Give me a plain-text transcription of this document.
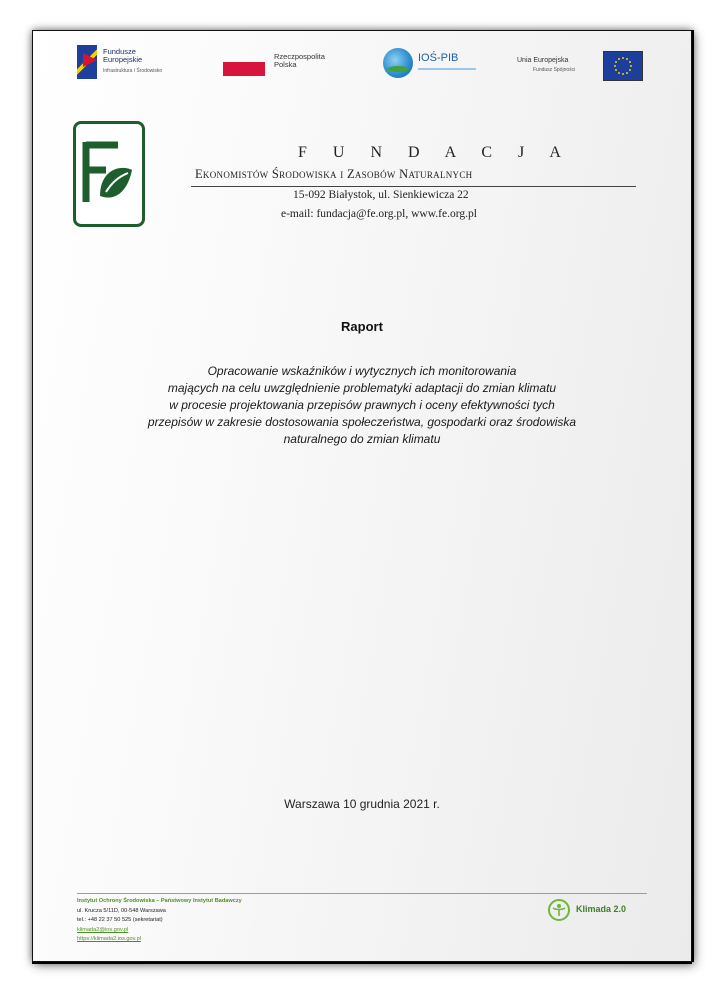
Fundusze
Europejskie
Infrastruktura i Środowisko
Rzeczpospolita
Polska
IOŚ-PIB	Unia Europejska
Fundusz Spójności
F U N D A C J A
Ekonomistów Środowiska i Zasobów Naturalnych
15-092 Białystok, ul. Sienkiewicza 22
e-mail: fundacja@fe.org.pl, www.fe.org.pl
Raport
Opracowanie wskaźników i wytycznych ich monitorowania
mających na celu uwzględnienie problematyki adaptacji do zmian klimatu
w procesie projektowania przepisów prawnych i oceny efektywności tych
przepisów w zakresie dostosowania społeczeństwa, gospodarki oraz środowiska
naturalnego do zmian klimatu
Warszawa 10 grudnia 2021 r.
Instytut Ochrony Środowiska – Państwowy Instytut Badawczy
ul. Krucza 5/11D, 00-548 Warszawa
tel.: +48 22 37 50 525 (sekretariat)
klimada2@ios.gov.pl
https://klimada2.ios.gov.pl
Klimada 2.0
